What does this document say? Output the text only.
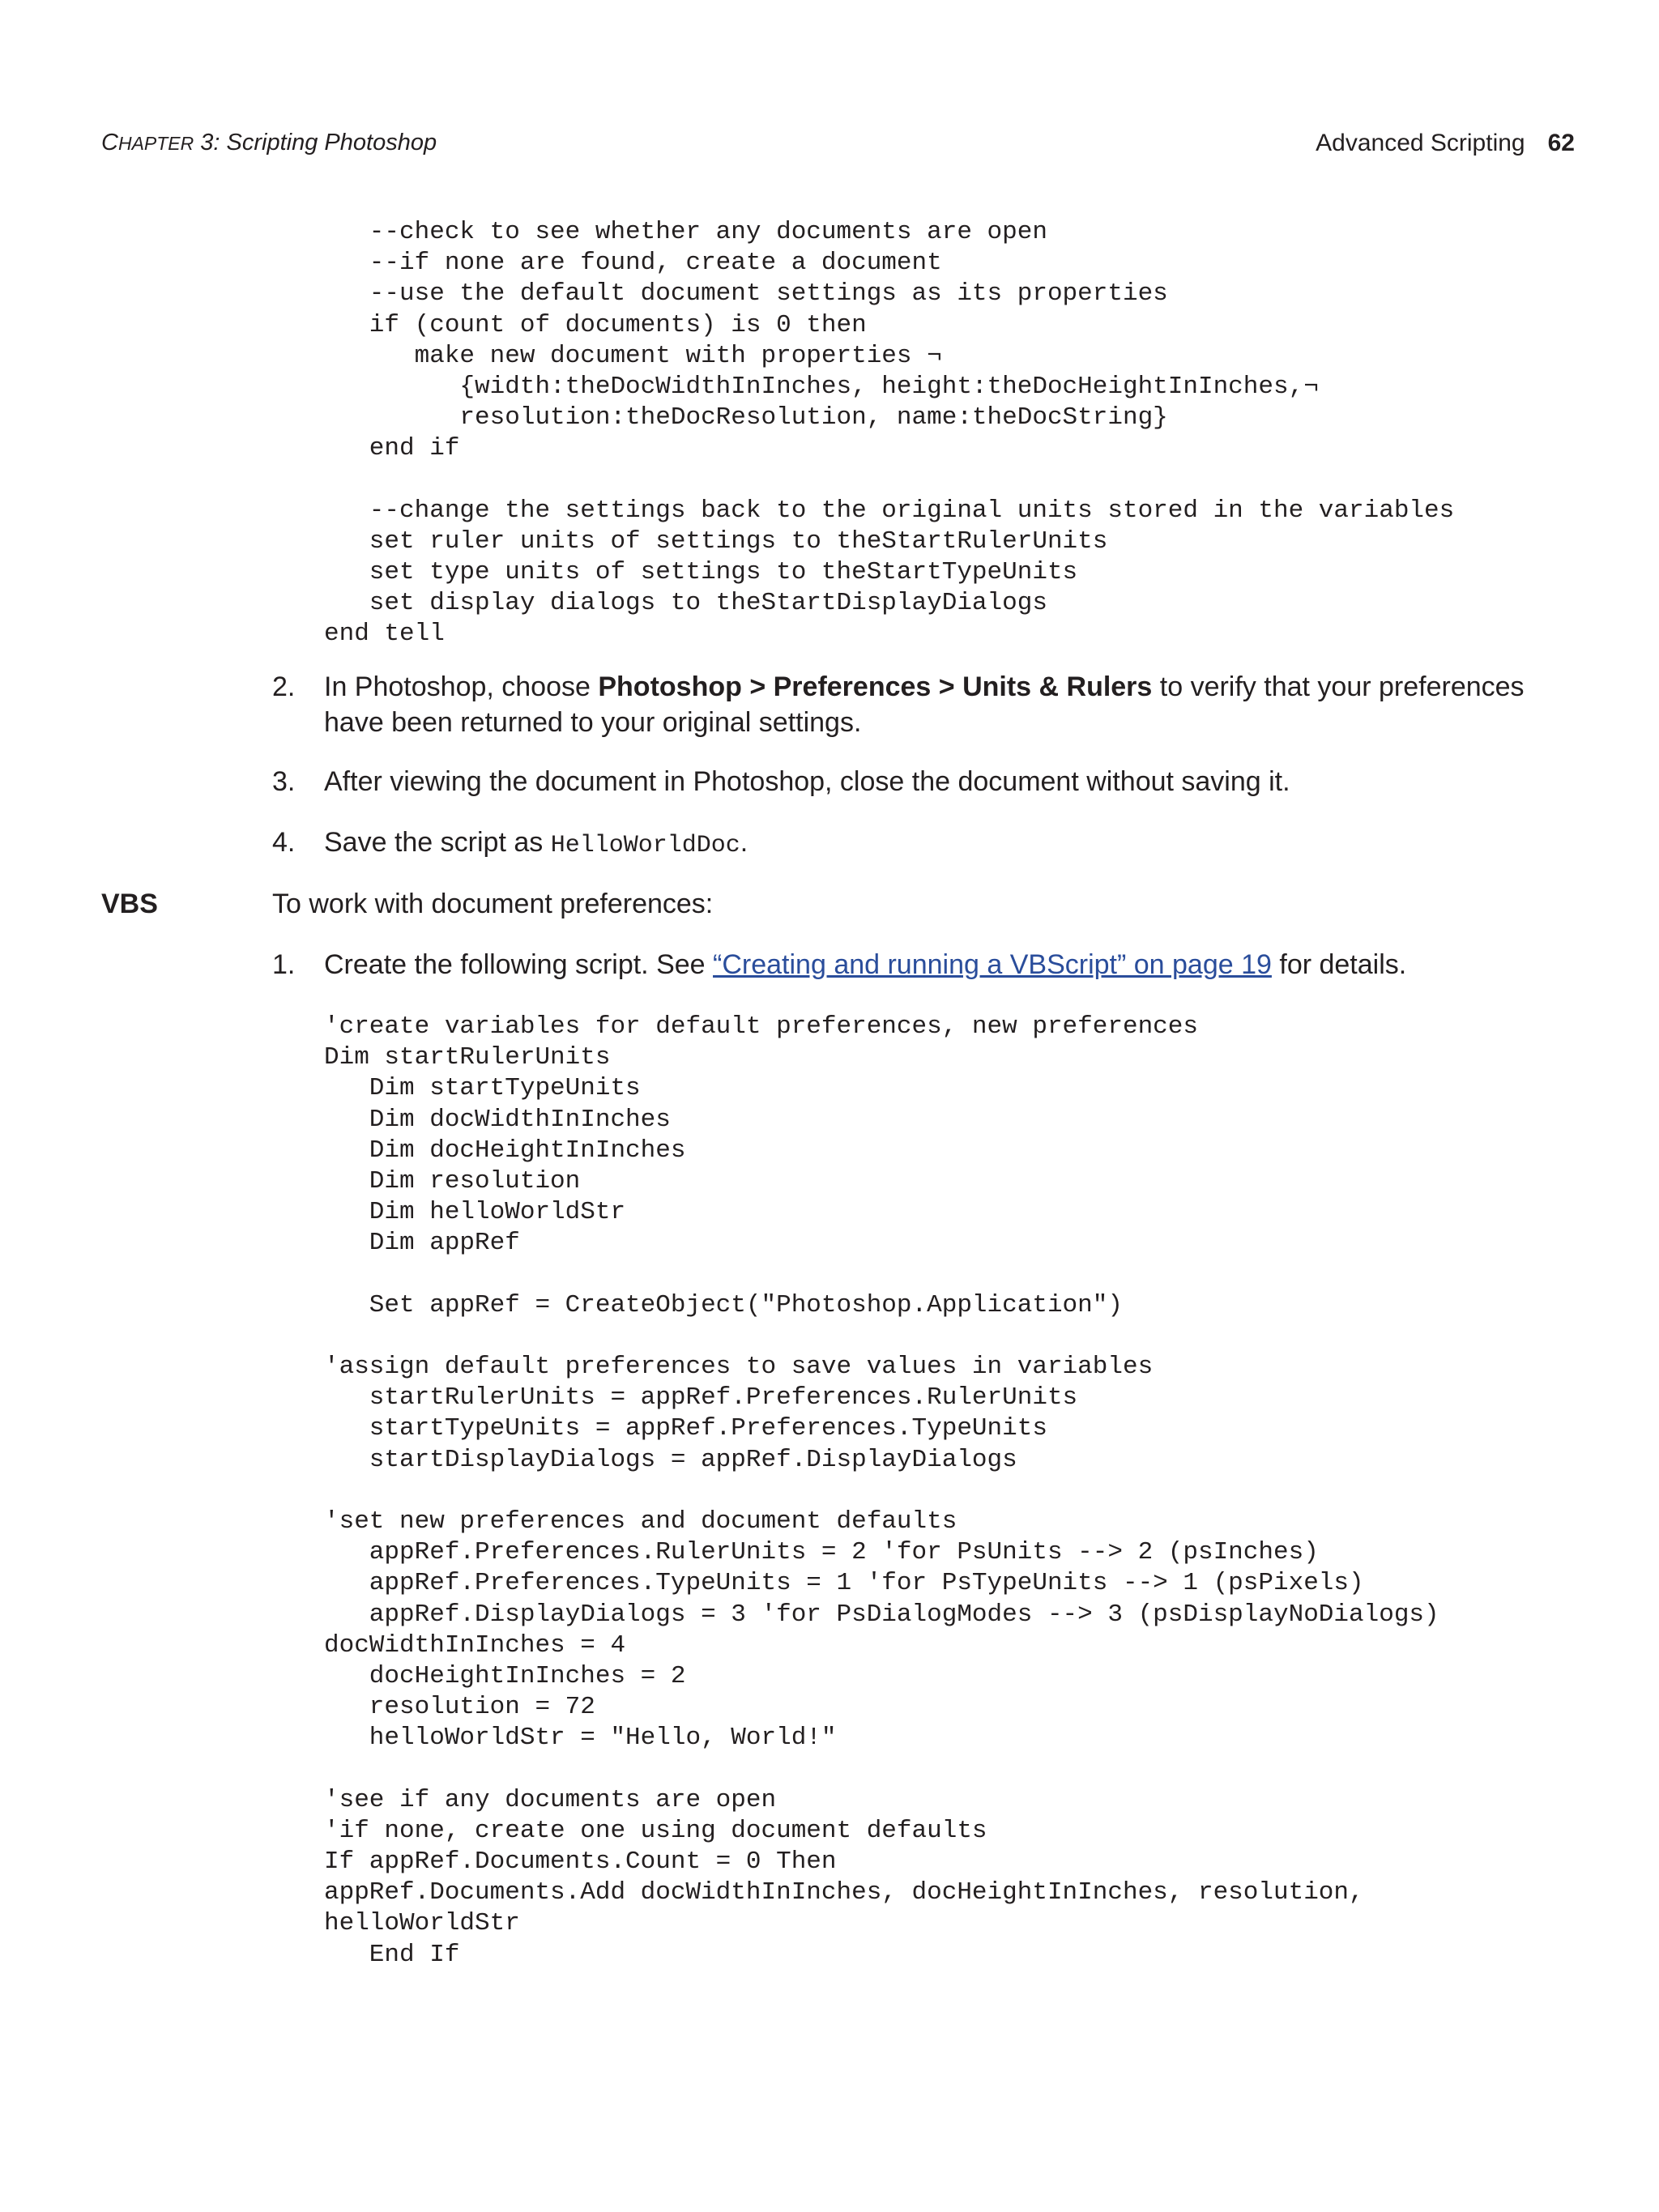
CHAPTER 3: Scripting Photoshop	Advanced Scripting 62
--check to see whether any documents are open
--if none are found, create a document
--use the default document settings as its properties
if (count of documents) is 0 then
make new document with properties ¬
{width:theDocWidthInInches, height:theDocHeightInInches,¬
resolution:theDocResolution, name:theDocString}
end if
--change the settings back to the original units stored in the variables
set ruler units of settings to theStartRulerUnits
set type units of settings to theStartTypeUnits
set display dialogs to theStartDisplayDialogs
end tell
2. In Photoshop, choose Photoshop > Preferences > Units & Rulers to verify that your preferences
have been returned to your original settings.
3. After viewing the document in Photoshop, close the document without saving it.
4. Save the script as HelloWorldDoc.
VBS	To work with document preferences:
1. Create the following script. See “Creating and running a VBScript” on page 19 for details.
'create variables for default preferences, new preferences
Dim startRulerUnits
Dim startTypeUnits
Dim docWidthInInches
Dim docHeightInInches
Dim resolution
Dim helloWorldStr
Dim appRef
Set appRef = CreateObject("Photoshop.Application")
'assign default preferences to save values in variables
startRulerUnits = appRef.Preferences.RulerUnits
startTypeUnits = appRef.Preferences.TypeUnits
startDisplayDialogs = appRef.DisplayDialogs
'set new preferences and document defaults
appRef.Preferences.RulerUnits = 2 'for PsUnits --> 2 (psInches)
appRef.Preferences.TypeUnits = 1 'for PsTypeUnits --> 1 (psPixels)
appRef.DisplayDialogs = 3 'for PsDialogModes --> 3 (psDisplayNoDialogs)
docWidthInInches = 4
docHeightInInches = 2
resolution = 72
helloWorldStr = "Hello, World!"
'see if any documents are open
'if none, create one using document defaults
If appRef.Documents.Count = 0 Then
appRef.Documents.Add docWidthInInches, docHeightInInches, resolution,
helloWorldStr
End If
